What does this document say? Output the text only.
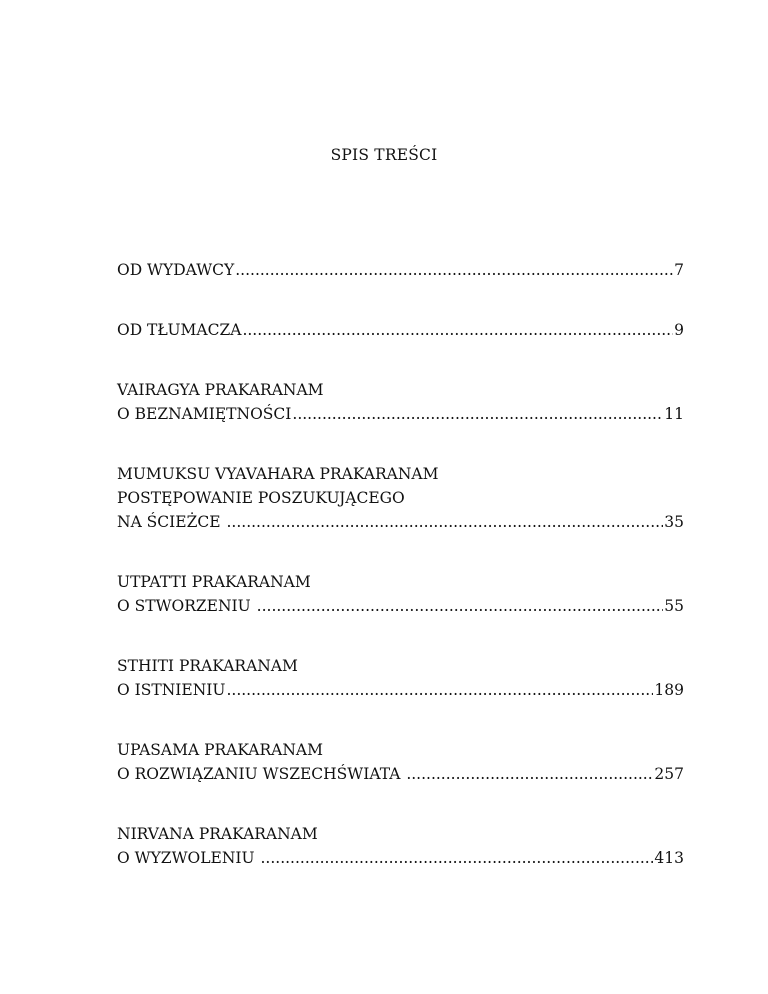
SPIS TREŚCI
OD WYDAWCY .....	7
OD TŁUMACZA .....	9
VAIRAGYA PRAKARANAM
O BEZNAMIĘTNOŚCI .....	11
MUMUKSU VYAVAHARA PRAKARANAM
POSTĘPOWANIE POSZUKUJĄCEGO
NA ŚCIEŻCE .....	35
UTPATTI PRAKARANAM
O STWORZENIU .....	55
STHITI PRAKARANAM
O ISTNIENIU .....	189
UPASAMA PRAKARANAM
O ROZWIĄZANIU WSZECHŚWIATA .....	257
NIRVANA PRAKARANAM
O WYZWOLENIU .....	413
